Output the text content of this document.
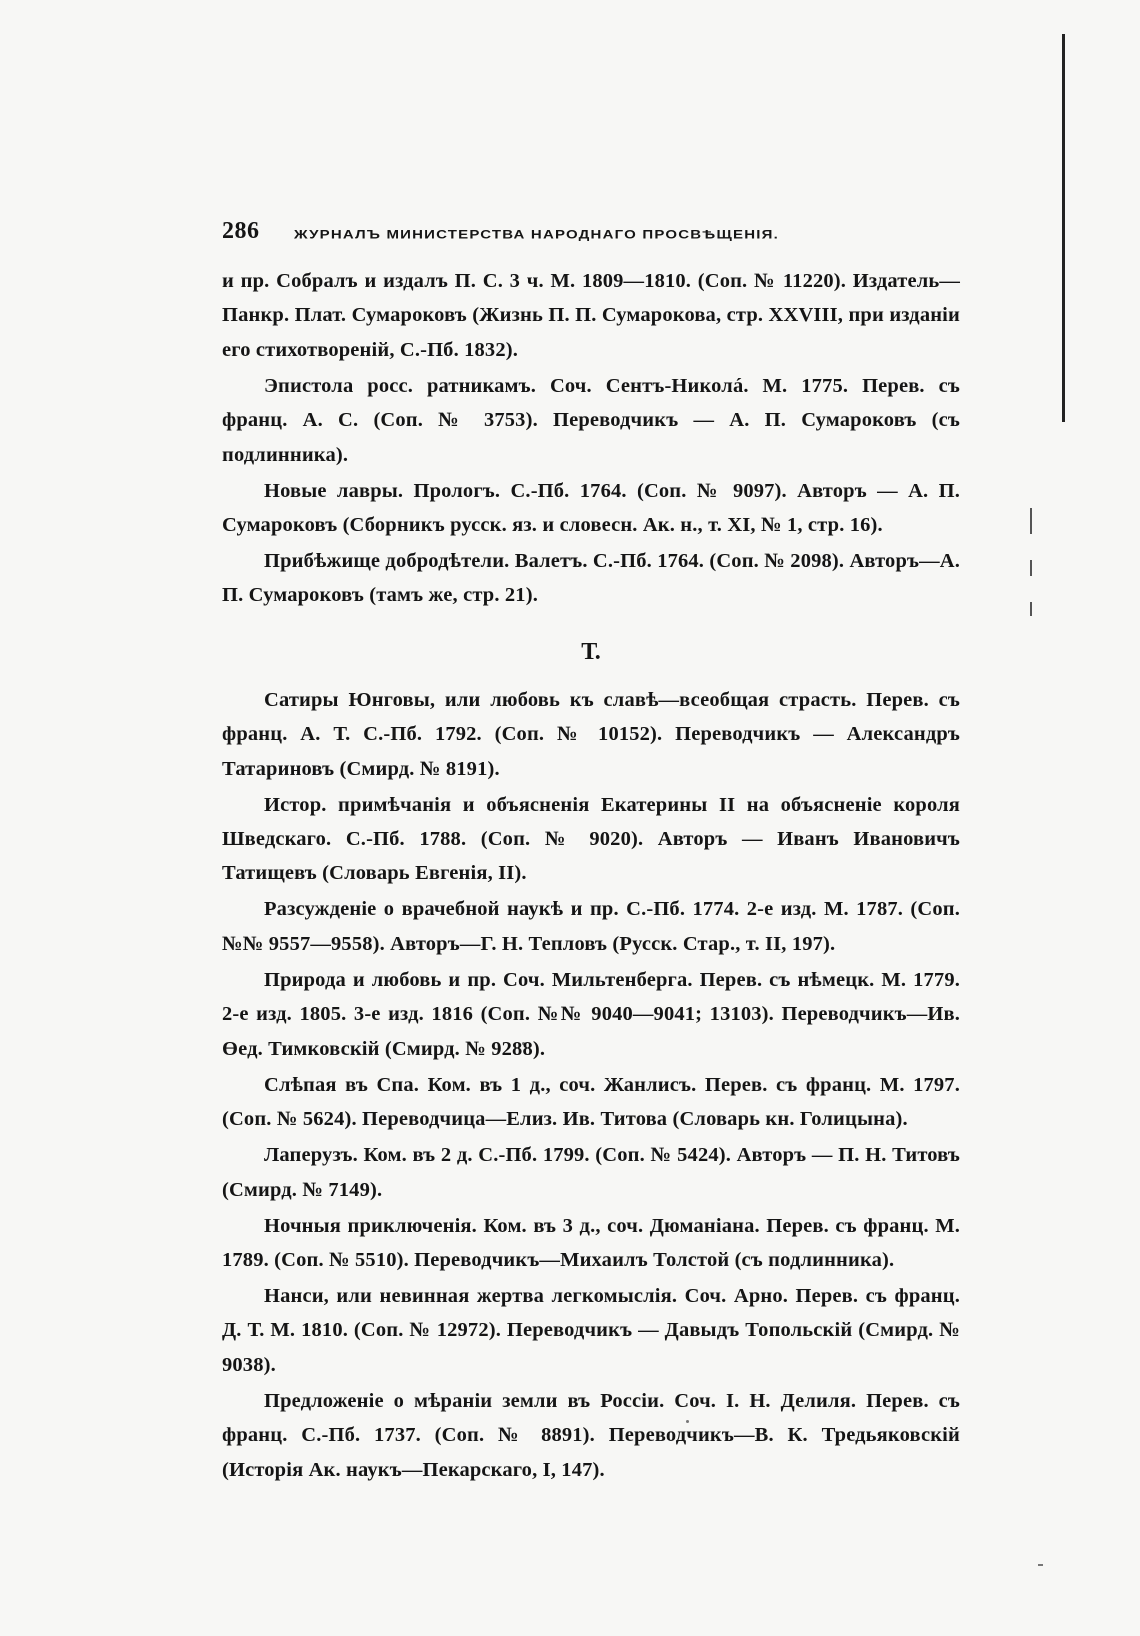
286	ЖУРНАЛЪ МИНИСТЕРСТВА НАРОДНАГО ПРОСВѢЩЕНІЯ.

и пр. Собралъ и издалъ П. С. 3 ч. М. 1809—1810. (Соп. № 11220). Издатель—Панкр. Плат. Сумароковъ (Жизнь П. П. Сумарокова, стр. XXVIII, при изданіи его стихотвореній, С.-Пб. 1832).

Эпистола росс. ратникамъ. Соч. Сентъ-Николá. М. 1775. Перев. съ франц. А. С. (Соп. № 3753). Переводчикъ — А. П. Сумароковъ (съ подлинника).

Новые лавры. Прологъ. С.-Пб. 1764. (Соп. № 9097). Авторъ — А. П. Сумароковъ (Сборникъ русск. яз. и словесн. Ак. н., т. XI, № 1, стр. 16).

Прибѣжище добродѣтели. Валетъ. С.-Пб. 1764. (Соп. № 2098). Авторъ—А. П. Сумароковъ (тамъ же, стр. 21).

Т.

Сатиры Юнговы, или любовь къ славѣ—всеобщая страсть. Перев. съ франц. А. Т. С.-Пб. 1792. (Соп. № 10152). Переводчикъ — Александръ Татариновъ (Смирд. № 8191).

Истор. примѣчанія и объясненія Екатерины II на объясненіе короля Шведскаго. С.-Пб. 1788. (Соп. № 9020). Авторъ — Иванъ Ивановичъ Татищевъ (Словарь Евгенія, II).

Разсужденіе о врачебной наукѣ и пр. С.-Пб. 1774. 2-е изд. М. 1787. (Соп. №№ 9557—9558). Авторъ—Г. Н. Тепловъ (Русск. Стар., т. II, 197).

Природа и любовь и пр. Соч. Мильтенберга. Перев. съ нѣмецк. М. 1779. 2-е изд. 1805. 3-е изд. 1816 (Соп. №№ 9040—9041; 13103). Переводчикъ—Ив. Өед. Тимковскій (Смирд. № 9288).

Слѣпая въ Спа. Ком. въ 1 д., соч. Жанлисъ. Перев. съ франц. М. 1797. (Соп. № 5624). Переводчица—Елиз. Ив. Титова (Словарь кн. Голицына).

Лаперузъ. Ком. въ 2 д. С.-Пб. 1799. (Соп. № 5424). Авторъ — П. Н. Титовъ (Смирд. № 7149).

Ночныя приключенія. Ком. въ 3 д., соч. Дюманіана. Перев. съ франц. М. 1789. (Соп. № 5510). Переводчикъ—Михаилъ Толстой (съ подлинника).

Нанси, или невинная жертва легкомыслія. Соч. Арно. Перев. съ франц. Д. Т. М. 1810. (Соп. № 12972). Переводчикъ — Давыдъ Топольскій (Смирд. № 9038).

Предложеніе о мѣраніи земли въ Россіи. Соч. І. Н. Делиля. Перев. съ франц. С.-Пб. 1737. (Соп. № 8891). Переводчикъ—В. К. Тредьяковскій (Исторія Ак. наукъ—Пекарскаго, I, 147).
